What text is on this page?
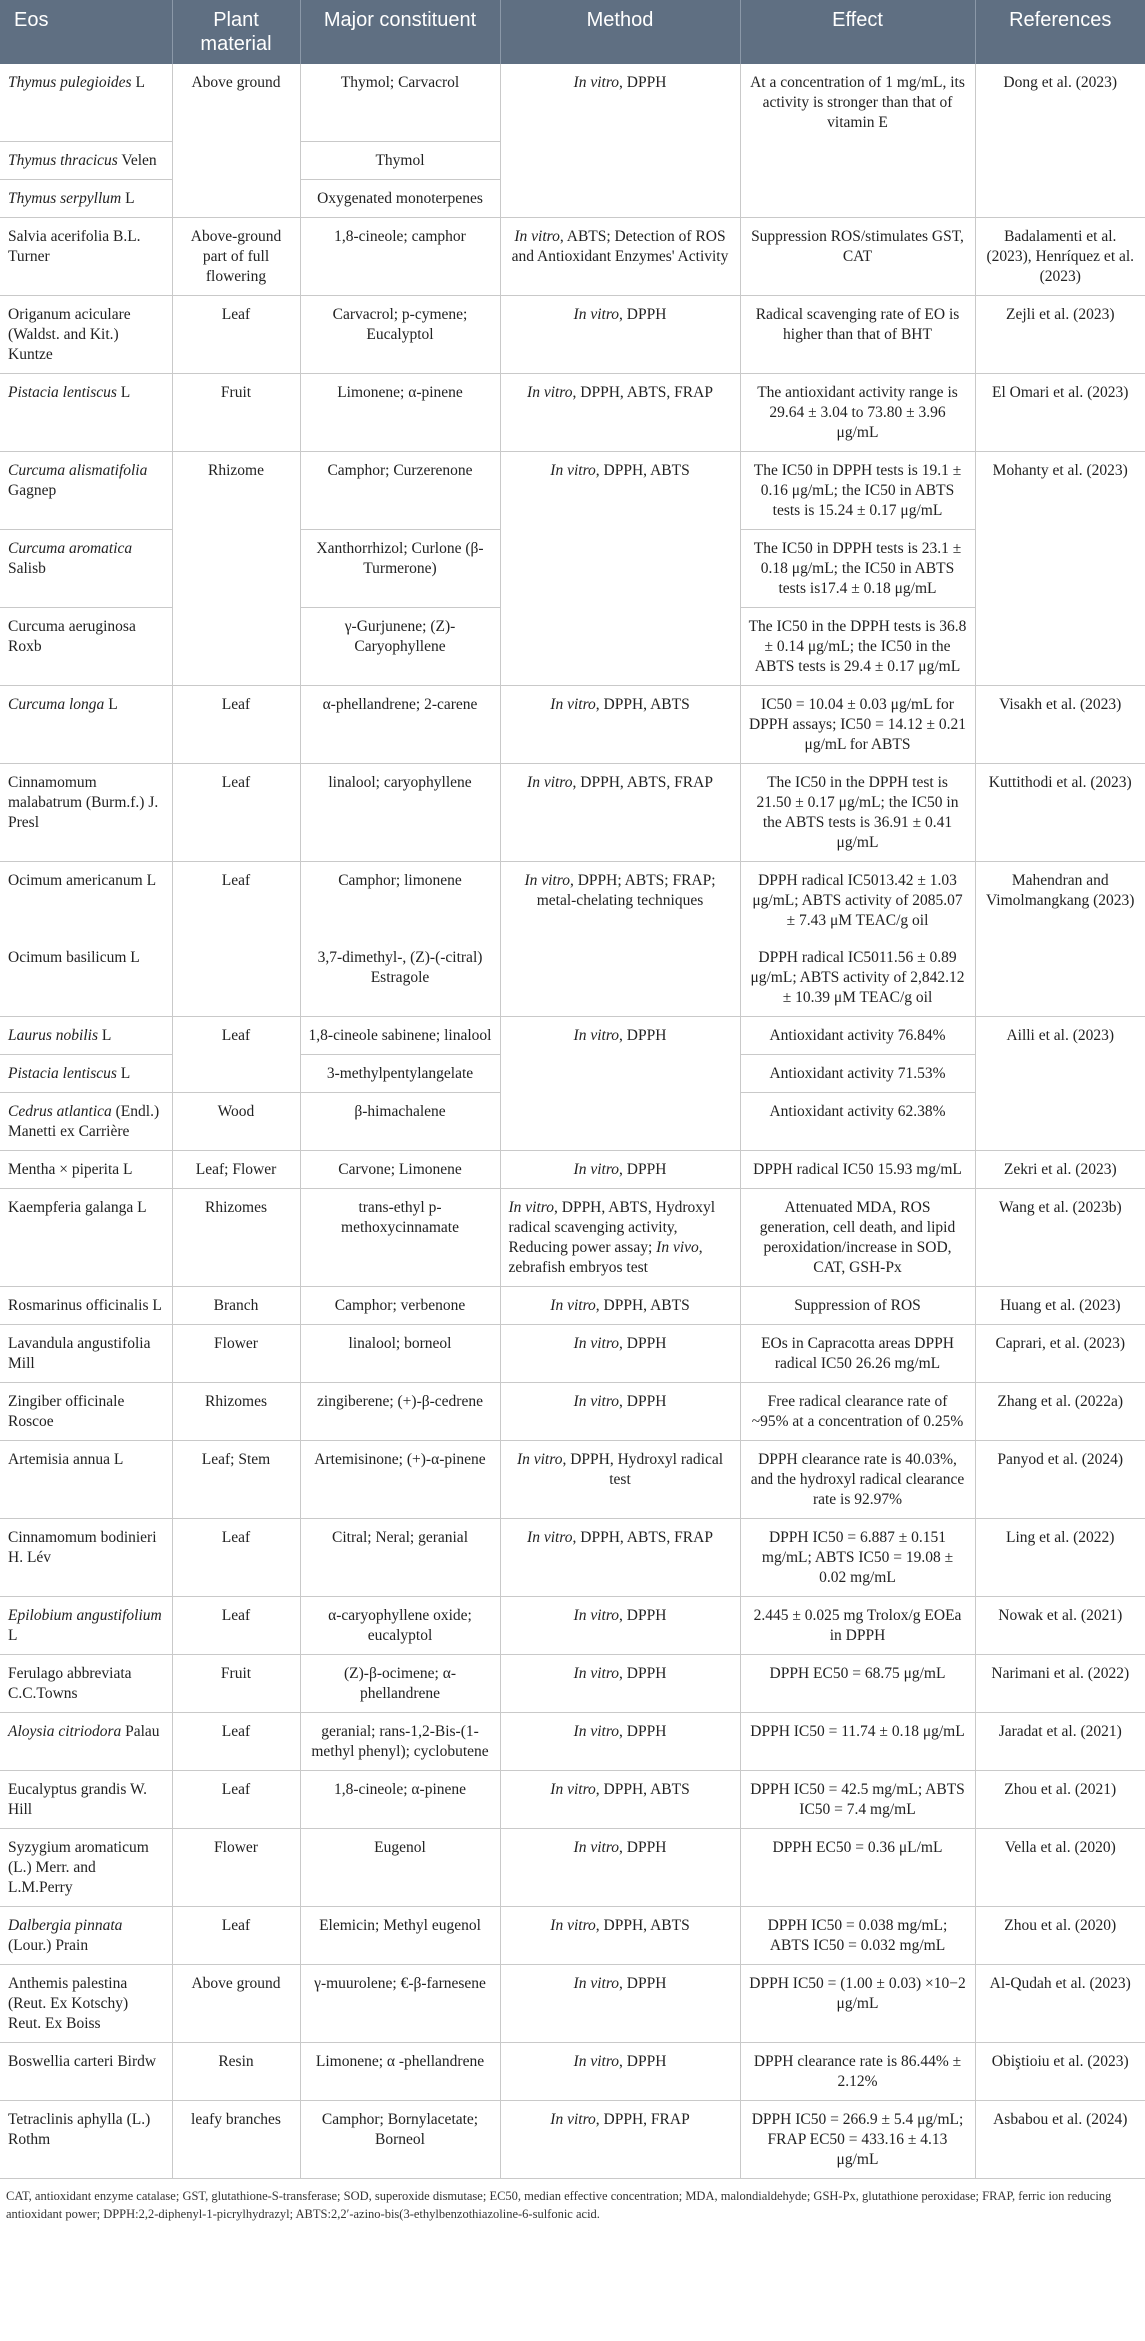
Eos	Plant material	Major constituent	Method	Effect	References
Thymus pulegioides L	Above ground	Thymol; Carvacrol	In vitro, DPPH	At a concentration of 1 mg/mL, its activity is stronger than that of vitamin E	Dong et al. (2023)
Thymus thracicus Velen		Thymol			
Thymus serpyllum L		Oxygenated monoterpenes			
Salvia acerifolia B.L. Turner	Above-ground part of full flowering	1,8-cineole; camphor	In vitro, ABTS; Detection of ROS and Antioxidant Enzymes' Activity	Suppression ROS/stimulates GST, CAT	Badalamenti et al. (2023), Henríquez et al. (2023)
Origanum aciculare (Waldst. and Kit.) Kuntze	Leaf	Carvacrol; p-cymene; Eucalyptol	In vitro, DPPH	Radical scavenging rate of EO is higher than that of BHT	Zejli et al. (2023)
Pistacia lentiscus L	Fruit	Limonene; α-pinene	In vitro, DPPH, ABTS, FRAP	The antioxidant activity range is 29.64 ± 3.04 to 73.80 ± 3.96 μg/mL	El Omari et al. (2023)
Curcuma alismatifolia Gagnep	Rhizome	Camphor; Curzerenone	In vitro, DPPH, ABTS	The IC50 in DPPH tests is 19.1 ± 0.16 μg/mL; the IC50 in ABTS tests is 15.24 ± 0.17 μg/mL	Mohanty et al. (2023)
Curcuma aromatica Salisb		Xanthorrhizol; Curlone (β-Turmerone)		The IC50 in DPPH tests is 23.1 ± 0.18 μg/mL; the IC50 in ABTS tests is17.4 ± 0.18 μg/mL	
Curcuma aeruginosa Roxb		γ-Gurjunene; (Z)-Caryophyllene		The IC50 in the DPPH tests is 36.8 ± 0.14 μg/mL; the IC50 in the ABTS tests is 29.4 ± 0.17 μg/mL	
Curcuma longa L	Leaf	α-phellandrene; 2-carene	In vitro, DPPH, ABTS	IC50 = 10.04 ± 0.03 μg/mL for DPPH assays; IC50 = 14.12 ± 0.21 μg/mL for ABTS	Visakh et al. (2023)
Cinnamomum malabatrum (Burm.f.) J. Presl	Leaf	linalool; caryophyllene	In vitro, DPPH, ABTS, FRAP	The IC50 in the DPPH test is 21.50 ± 0.17 μg/mL; the IC50 in the ABTS tests is 36.91 ± 0.41 μg/mL	Kuttithodi et al. (2023)
Ocimum americanum L	Leaf	Camphor; limonene	In vitro, DPPH; ABTS; FRAP; metal-chelating techniques	DPPH radical IC5013.42 ± 1.03 μg/mL; ABTS activity of 2085.07 ± 7.43 μM TEAC/g oil	Mahendran and Vimolmangkang (2023)
Ocimum basilicum L		3,7-dimethyl-, (Z)-(-citral) Estragole		DPPH radical IC5011.56 ± 0.89 μg/mL; ABTS activity of 2,842.12 ± 10.39 μM TEAC/g oil	
Laurus nobilis L	Leaf	1,8-cineole sabinene; linalool	In vitro, DPPH	Antioxidant activity 76.84%	Ailli et al. (2023)
Pistacia lentiscus L		3-methylpentylangelate		Antioxidant activity 71.53%	
Cedrus atlantica (Endl.) Manetti ex Carrière	Wood	β-himachalene		Antioxidant activity 62.38%	
Mentha × piperita L	Leaf; Flower	Carvone; Limonene	In vitro, DPPH	DPPH radical IC50 15.93 mg/mL	Zekri et al. (2023)
Kaempferia galanga L	Rhizomes	trans-ethyl p-methoxycinnamate	In vitro, DPPH, ABTS, Hydroxyl radical scavenging activity, Reducing power assay; In vivo, zebrafish embryos test	Attenuated MDA, ROS generation, cell death, and lipid peroxidation/increase in SOD, CAT, GSH-Px	Wang et al. (2023b)
Rosmarinus officinalis L	Branch	Camphor; verbenone	In vitro, DPPH, ABTS	Suppression of ROS	Huang et al. (2023)
Lavandula angustifolia Mill	Flower	linalool; borneol	In vitro, DPPH	EOs in Capracotta areas DPPH radical IC50 26.26 mg/mL	Caprari, et al. (2023)
Zingiber officinale Roscoe	Rhizomes	zingiberene; (+)-β-cedrene	In vitro, DPPH	Free radical clearance rate of ~95% at a concentration of 0.25%	Zhang et al. (2022a)
Artemisia annua L	Leaf; Stem	Artemisinone; (+)-α-pinene	In vitro, DPPH, Hydroxyl radical test	DPPH clearance rate is 40.03%, and the hydroxyl radical clearance rate is 92.97%	Panyod et al. (2024)
Cinnamomum bodinieri H. Lév	Leaf	Citral; Neral; geranial	In vitro, DPPH, ABTS, FRAP	DPPH IC50 = 6.887 ± 0.151 mg/mL; ABTS IC50 = 19.08 ± 0.02 mg/mL	Ling et al. (2022)
Epilobium angustifolium L	Leaf	α-caryophyllene oxide; eucalyptol	In vitro, DPPH	2.445 ± 0.025 mg Trolox/g EOEa in DPPH	Nowak et al. (2021)
Ferulago abbreviata C.C.Towns	Fruit	(Z)-β-ocimene; α-phellandrene	In vitro, DPPH	DPPH EC50 = 68.75 μg/mL	Narimani et al. (2022)
Aloysia citriodora Palau	Leaf	geranial; rans-1,2-Bis-(1-methyl phenyl); cyclobutene	In vitro, DPPH	DPPH IC50 = 11.74 ± 0.18 μg/mL	Jaradat et al. (2021)
Eucalyptus grandis W. Hill	Leaf	1,8-cineole; α-pinene	In vitro, DPPH, ABTS	DPPH IC50 = 42.5 mg/mL; ABTS IC50 = 7.4 mg/mL	Zhou et al. (2021)
Syzygium aromaticum (L.) Merr. and L.M.Perry	Flower	Eugenol	In vitro, DPPH	DPPH EC50 = 0.36 μL/mL	Vella et al. (2020)
Dalbergia pinnata (Lour.) Prain	Leaf	Elemicin; Methyl eugenol	In vitro, DPPH, ABTS	DPPH IC50 = 0.038 mg/mL; ABTS IC50 = 0.032 mg/mL	Zhou et al. (2020)
Anthemis palestina (Reut. Ex Kotschy) Reut. Ex Boiss	Above ground	γ-muurolene; €-β-farnesene	In vitro, DPPH	DPPH IC50 = (1.00 ± 0.03) ×10−2 μg/mL	Al-Qudah et al. (2023)
Boswellia carteri Birdw	Resin	Limonene; α -phellandrene	In vitro, DPPH	DPPH clearance rate is 86.44% ± 2.12%	Obiştioiu et al. (2023)
Tetraclinis aphylla (L.) Rothm	leafy branches	Camphor; Bornylacetate; Borneol	In vitro, DPPH, FRAP	DPPH IC50 = 266.9 ± 5.4 μg/mL; FRAP EC50 = 433.16 ± 4.13 μg/mL	Asbabou et al. (2024)
CAT, antioxidant enzyme catalase; GST, glutathione-S-transferase; SOD, superoxide dismutase; EC50, median effective concentration; MDA, malondialdehyde; GSH-Px, glutathione peroxidase; FRAP, ferric ion reducing antioxidant power; DPPH:2,2-diphenyl-1-picrylhydrazyl; ABTS:2,2′-azino-bis(3-ethylbenzothiazoline-6-sulfonic acid.
